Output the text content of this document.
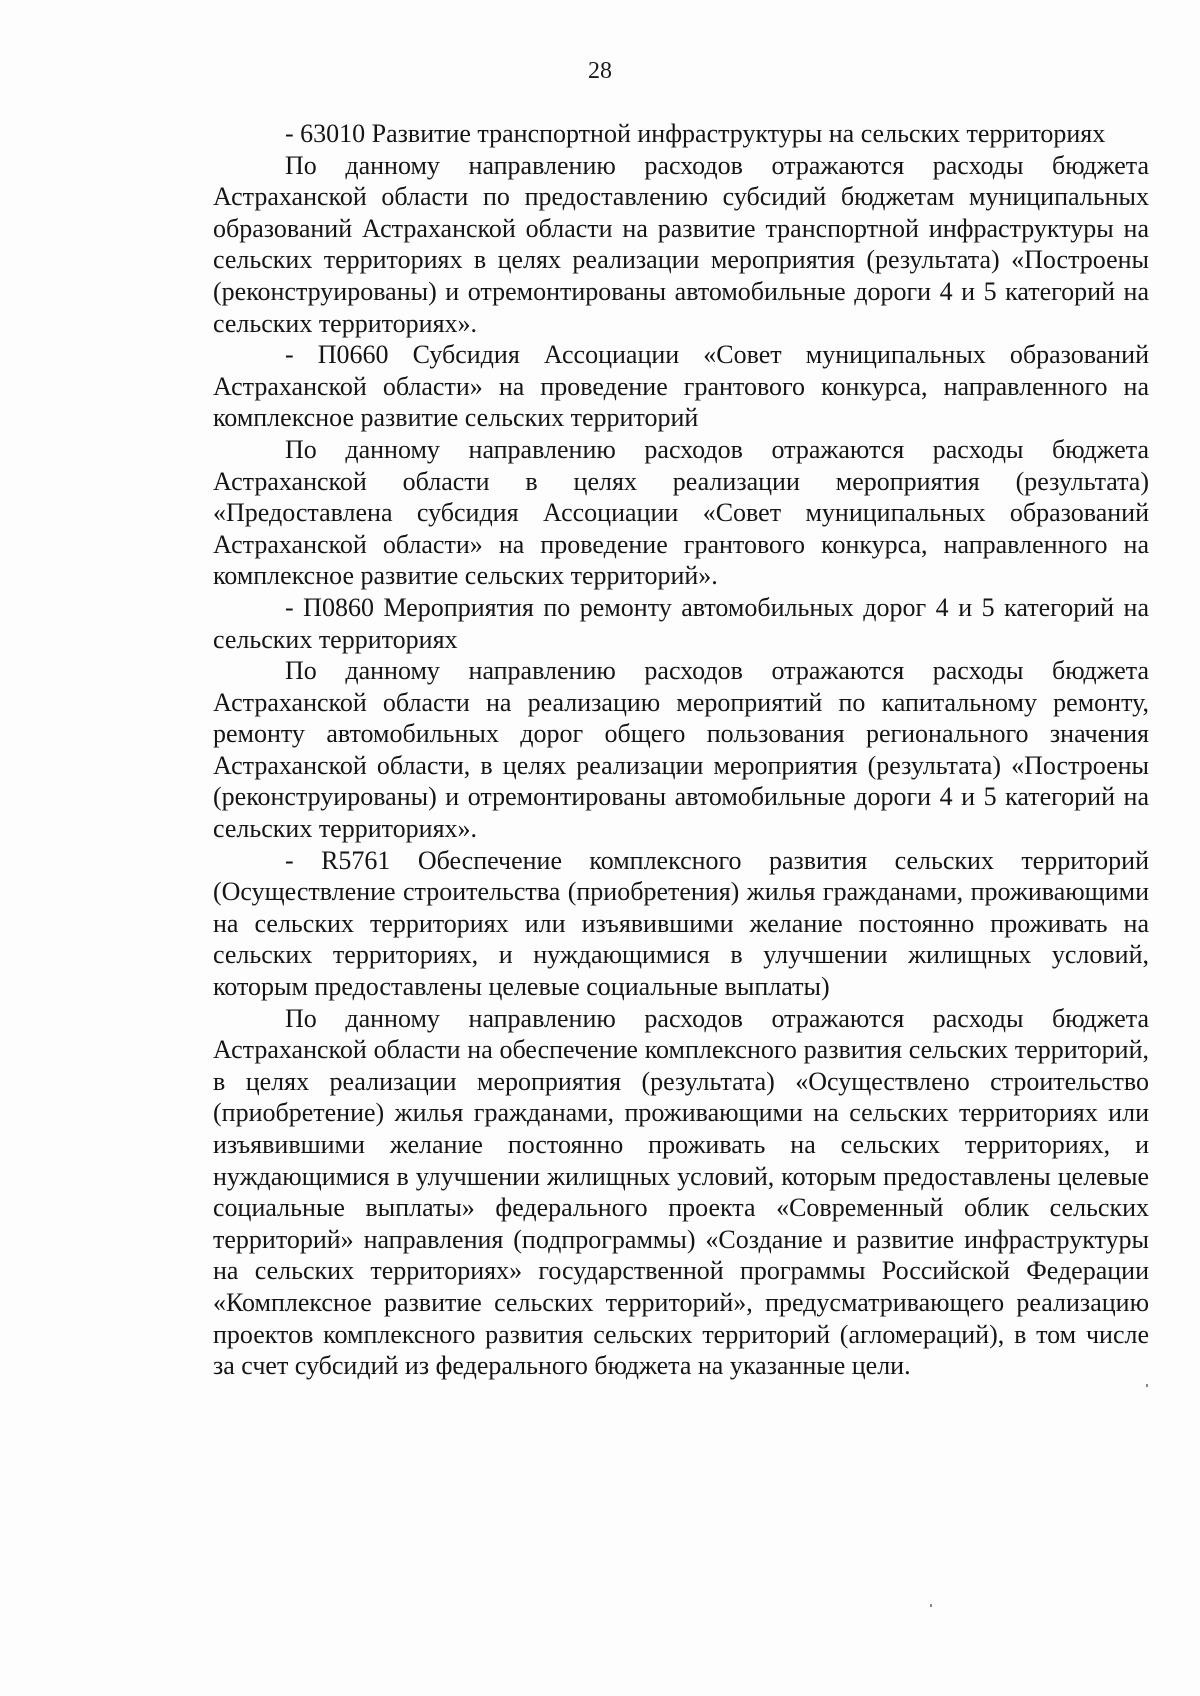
28

- 63010 Развитие транспортной инфраструктуры на сельских территориях

По данному направлению расходов отражаются расходы бюджета Астраханской области по предоставлению субсидий бюджетам муниципальных образований Астраханской области на развитие транспортной инфраструктуры на сельских территориях в целях реализации мероприятия (результата) «Построены (реконструированы) и отремонтированы автомобильные дороги 4 и 5 категорий на сельских территориях».

- П0660 Субсидия Ассоциации «Совет муниципальных образований Астраханской области» на проведение грантового конкурса, направленного на комплексное развитие сельских территорий

По данному направлению расходов отражаются расходы бюджета Астраханской области в целях реализации мероприятия (результата) «Предоставлена субсидия Ассоциации «Совет муниципальных образований Астраханской области» на проведение грантового конкурса, направленного на комплексное развитие сельских территорий».

- П0860 Мероприятия по ремонту автомобильных дорог 4 и 5 категорий на сельских территориях

По данному направлению расходов отражаются расходы бюджета Астраханской области на реализацию мероприятий по капитальному ремонту, ремонту автомобильных дорог общего пользования регионального значения Астраханской области, в целях реализации мероприятия (результата) «Построены (реконструированы) и отремонтированы автомобильные дороги 4 и 5 категорий на сельских территориях».

- R5761 Обеспечение комплексного развития сельских территорий (Осуществление строительства (приобретения) жилья гражданами, проживающими на сельских территориях или изъявившими желание постоянно проживать на сельских территориях, и нуждающимися в улучшении жилищных условий, которым предоставлены целевые социальные выплаты)

По данному направлению расходов отражаются расходы бюджета Астраханской области на обеспечение комплексного развития сельских территорий, в целях реализации мероприятия (результата) «Осуществлено строительство (приобретение) жилья гражданами, проживающими на сельских территориях или изъявившими желание постоянно проживать на сельских территориях, и нуждающимися в улучшении жилищных условий, которым предоставлены целевые социальные выплаты» федерального проекта «Современный облик сельских территорий» направления (подпрограммы) «Создание и развитие инфраструктуры на сельских территориях» государственной программы Российской Федерации «Комплексное развитие сельских территорий», предусматривающего реализацию проектов комплексного развития сельских территорий (агломераций), в том числе за счет субсидий из федерального бюджета на указанные цели.
